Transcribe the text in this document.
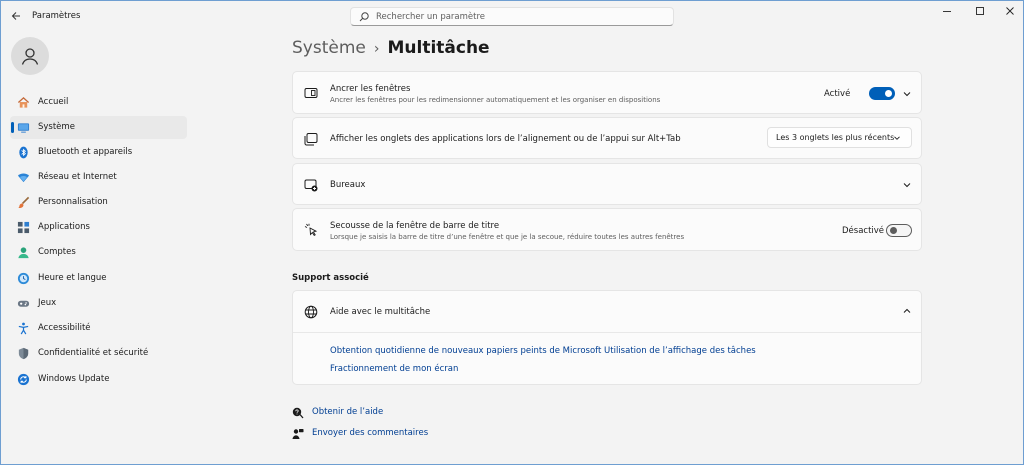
Paramètres	Rechercher un paramètre
Accueil
Système
Bluetooth et appareils
Réseau et Internet
Personnalisation
Applications
Comptes
Heure et langue
Jeux
Accessibilité
Confidentialité et sécurité
Windows Update
Système › Multitâche
Ancrer les fenêtres
Ancrer les fenêtres pour les redimensionner automatiquement et les organiser en dispositions
Activé
Afficher les onglets des applications lors de l’alignement ou de l’appui sur Alt+Tab	Les 3 onglets les plus récents
Bureaux
Secousse de la fenêtre de barre de titre
Lorsque je saisis la barre de titre d’une fenêtre et que je la secoue, réduire toutes les autres fenêtres
Désactivé
Support associé
Aide avec le multitâche
Obtention quotidienne de nouveaux papiers peints de Microsoft Utilisation de l’affichage des tâches
Fractionnement de mon écran
Obtenir de l’aide
Envoyer des commentaires
